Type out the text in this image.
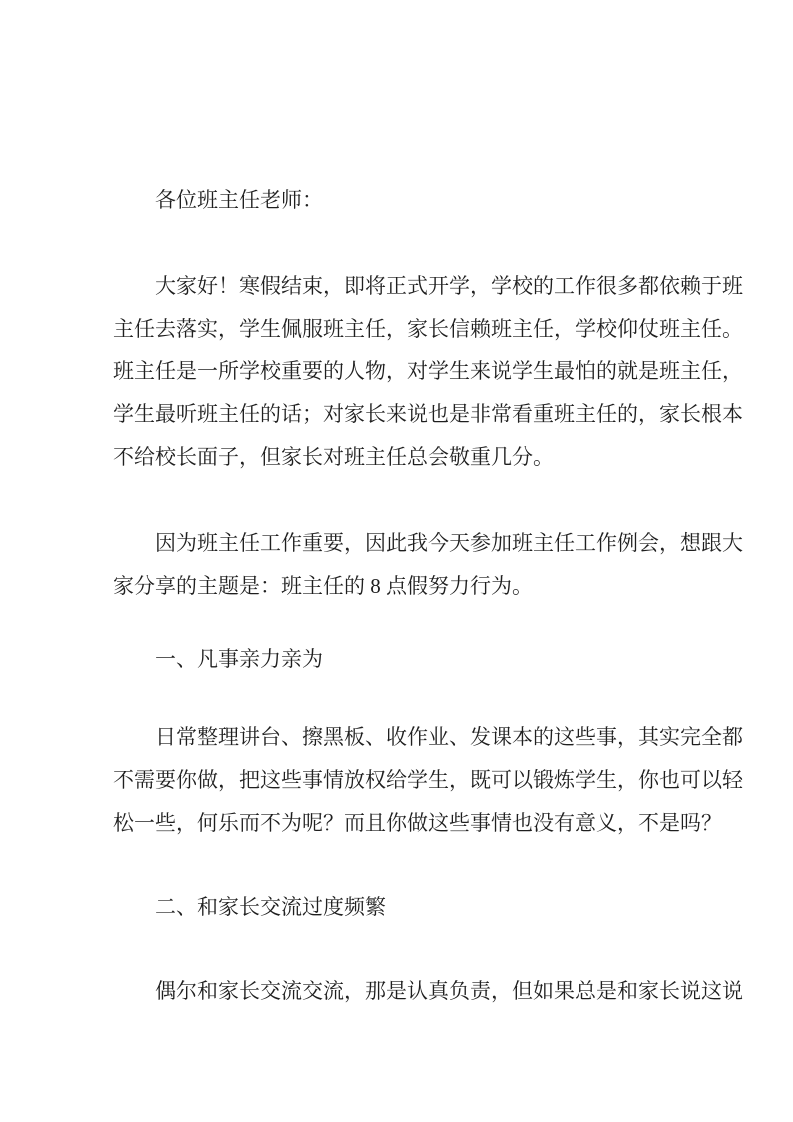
各位班主任老师：
大家好！寒假结束，即将正式开学，学校的工作很多都依赖于班
主任去落实，学生佩服班主任，家长信赖班主任，学校仰仗班主任。
班主任是一所学校重要的人物，对学生来说学生最怕的就是班主任，
学生最听班主任的话；对家长来说也是非常看重班主任的，家长根本
不给校长面子，但家长对班主任总会敬重几分。
因为班主任工作重要，因此我今天参加班主任工作例会，想跟大
家分享的主题是：班主任的 8 点假努力行为。
一、凡事亲力亲为
日常整理讲台、擦黑板、收作业、发课本的这些事，其实完全都
不需要你做，把这些事情放权给学生，既可以锻炼学生，你也可以轻
松一些，何乐而不为呢？而且你做这些事情也没有意义，不是吗？
二、和家长交流过度频繁
偶尔和家长交流交流，那是认真负责，但如果总是和家长说这说
